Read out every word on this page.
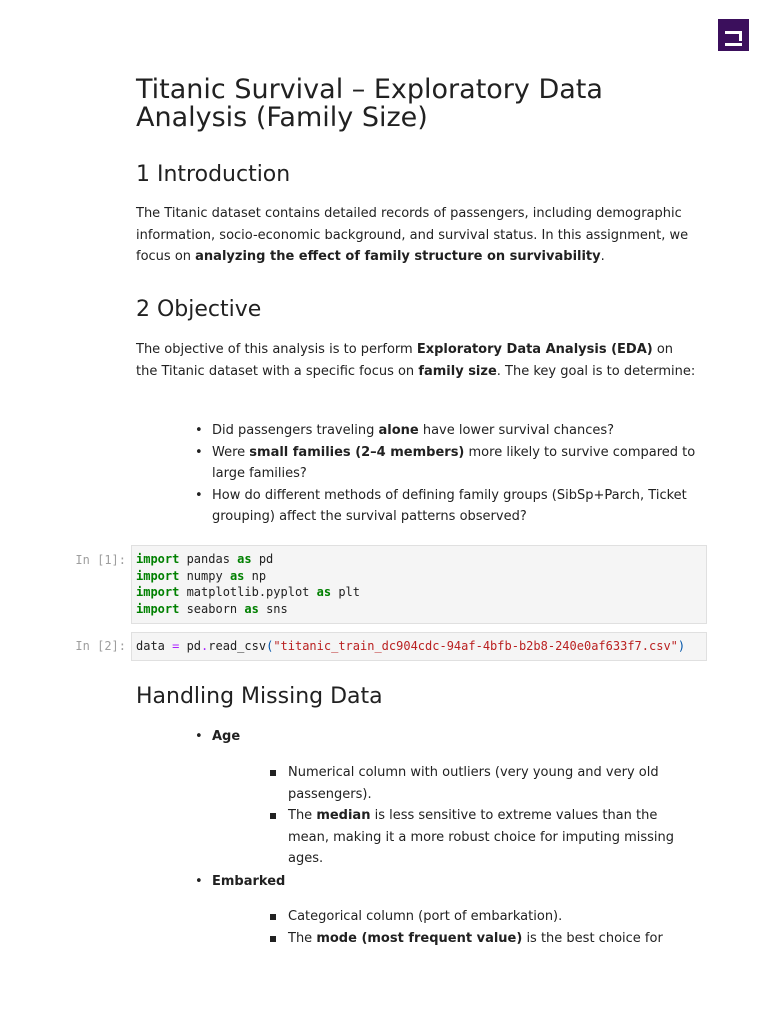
Titanic Survival – Exploratory Data Analysis (Family Size)
1 Introduction

The Titanic dataset contains detailed records of passengers, including demographic information, socio-economic background, and survival status. In this assignment, we focus on analyzing the effect of family structure on survivability.

2 Objective

The objective of this analysis is to perform Exploratory Data Analysis (EDA) on the Titanic dataset with a specific focus on family size. The key goal is to determine:

• Did passengers traveling alone have lower survival chances?
• Were small families (2–4 members) more likely to survive compared to large families?
• How do different methods of defining family groups (SibSp+Parch, Ticket grouping) affect the survival patterns observed?
In [1]: import pandas as pd
import numpy as np
import matplotlib.pyplot as plt
import seaborn as sns
In [2]: data = pd.read_csv("titanic_train_dc904cdc-94af-4bfb-b2b8-240e0af633f7.csv")
Handling Missing Data
• Age
Numerical column with outliers (very young and very old passengers).
The median is less sensitive to extreme values than the mean, making it a more robust choice for imputing missing ages.
• Embarked
Categorical column (port of embarkation).
The mode (most frequent value) is the best choice for
